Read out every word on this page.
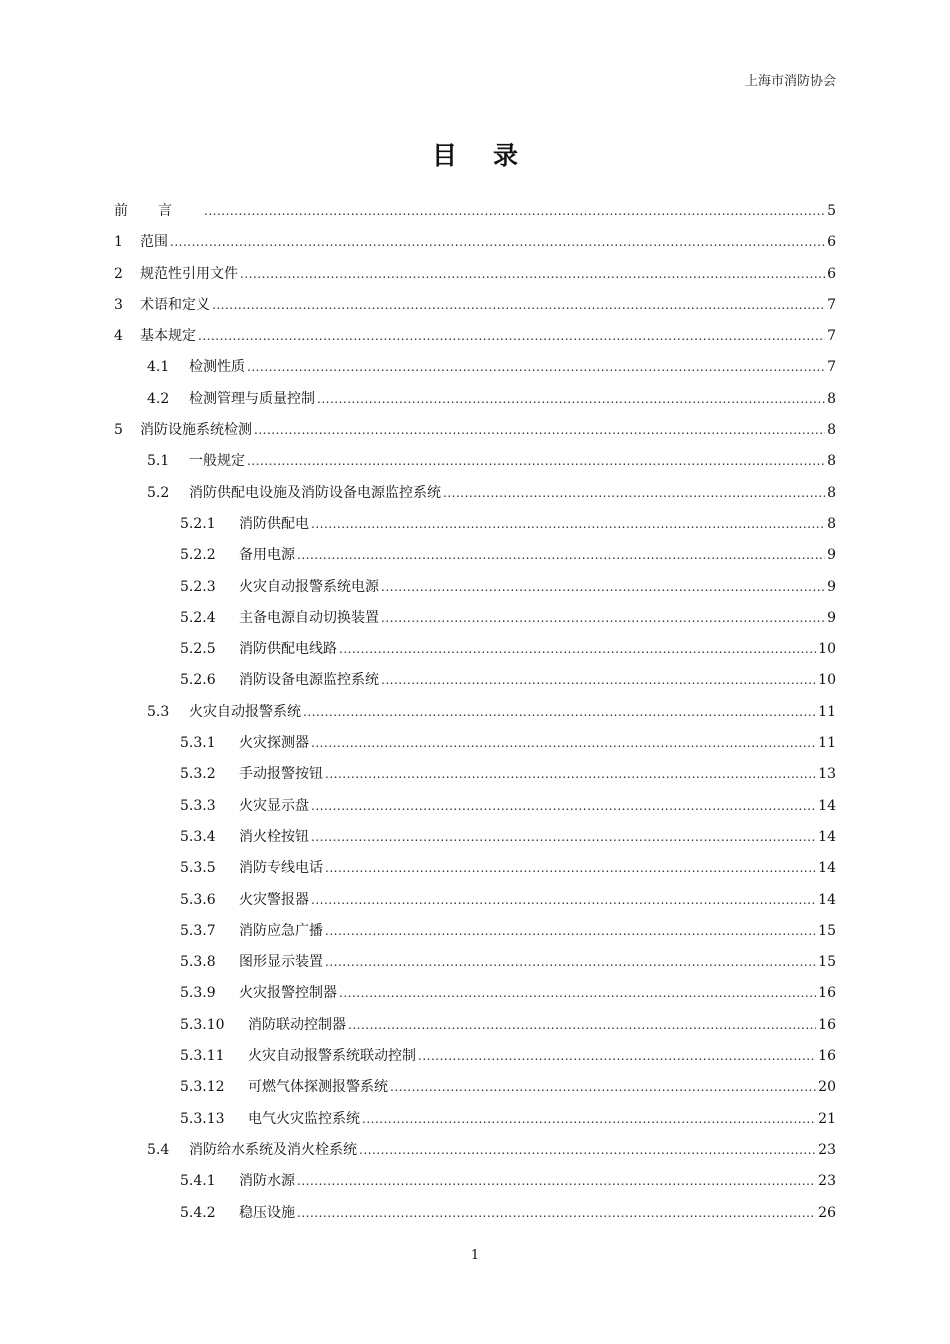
上海市消防协会
目录
前言 .....	5
1	范围 .....	6
2	规范性引用文件 .....	6
3	术语和定义 .....	7
4	基本规定 .....	7
4.1	检测性质 .....	7
4.2	检测管理与质量控制 .....	8
5	消防设施系统检测 .....	8
5.1	一般规定 .....	8
5.2	消防供配电设施及消防设备电源监控系统 .....	8
5.2.1	消防供配电 .....	8
5.2.2	备用电源 .....	9
5.2.3	火灾自动报警系统电源 .....	9
5.2.4	主备电源自动切换装置 .....	9
5.2.5	消防供配电线路 .....	10
5.2.6	消防设备电源监控系统 .....	10
5.3	火灾自动报警系统 .....	11
5.3.1	火灾探测器 .....	11
5.3.2	手动报警按钮 .....	13
5.3.3	火灾显示盘 .....	14
5.3.4	消火栓按钮 .....	14
5.3.5	消防专线电话 .....	14
5.3.6	火灾警报器 .....	14
5.3.7	消防应急广播 .....	15
5.3.8	图形显示装置 .....	15
5.3.9	火灾报警控制器 .....	16
5.3.10	消防联动控制器 .....	16
5.3.11	火灾自动报警系统联动控制 .....	16
5.3.12	可燃气体探测报警系统 .....	20
5.3.13	电气火灾监控系统 .....	21
5.4	消防给水系统及消火栓系统 .....	23
5.4.1	消防水源 .....	23
5.4.2	稳压设施 .....	26
1
